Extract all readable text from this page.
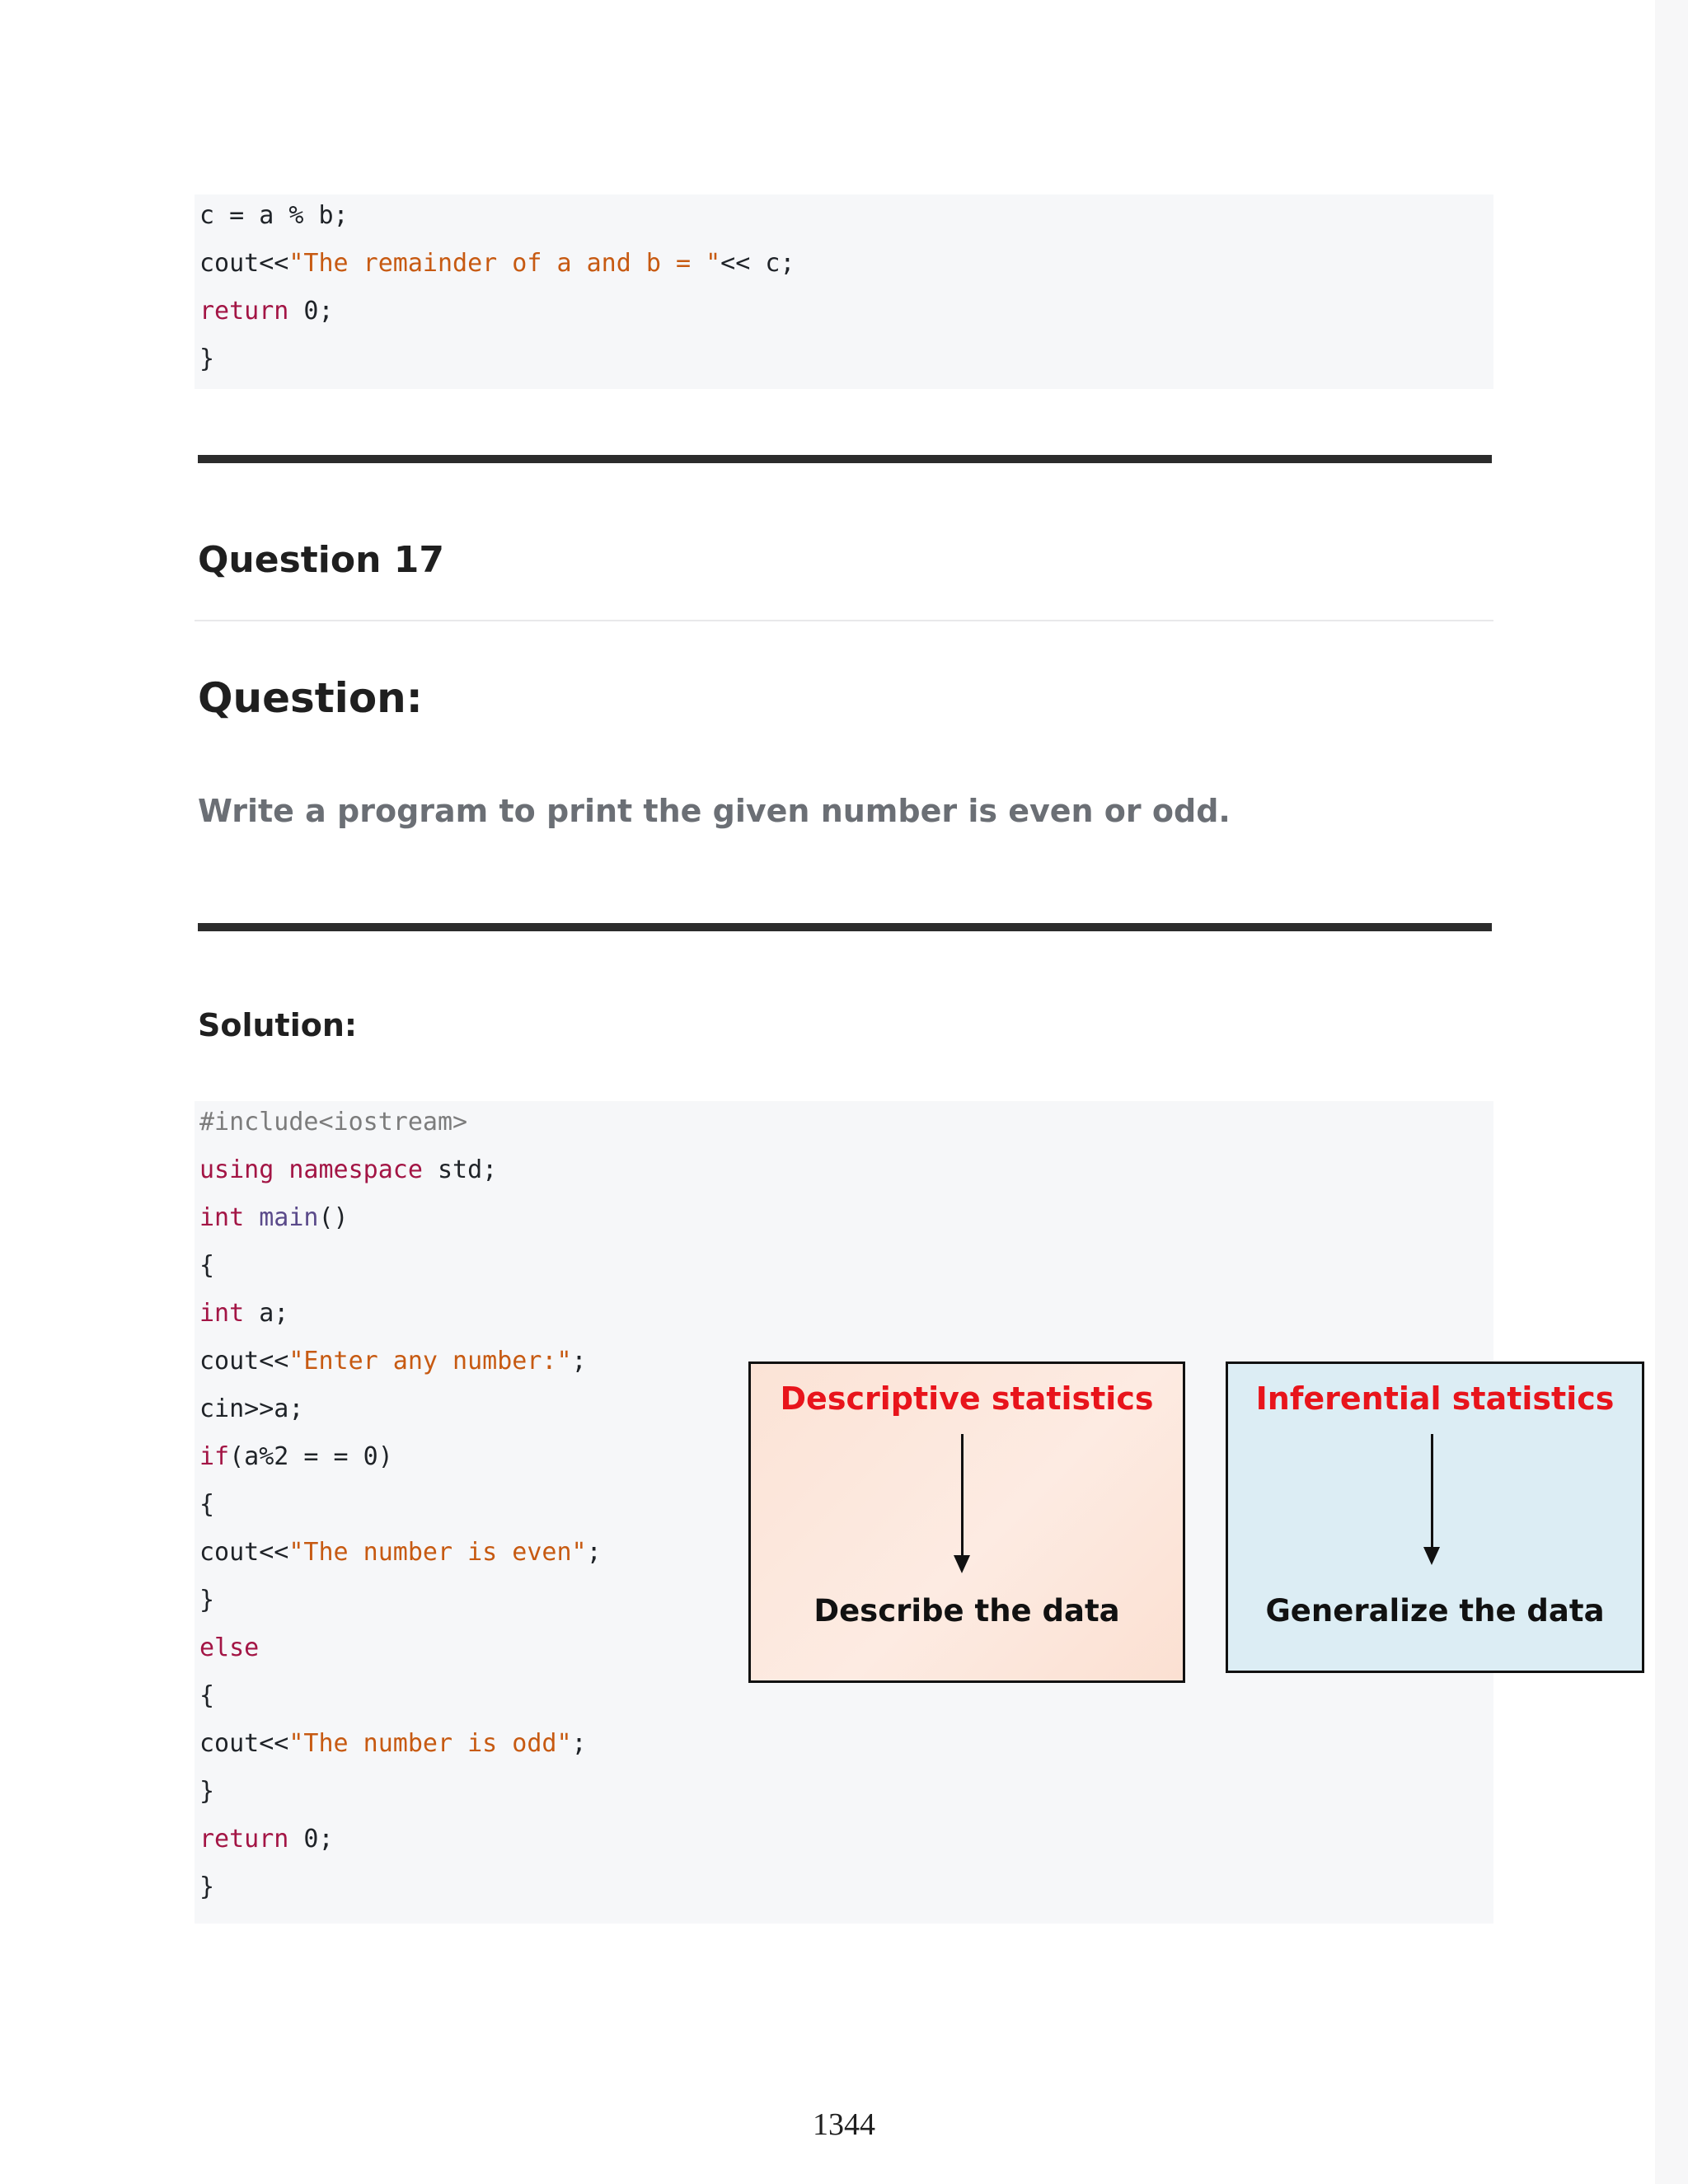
c = a % b;
cout<<"The remainder of a and b = "<< c;
return 0;
}
Question 17
Question:
Write a program to print the given number is even or odd.
Solution:
#include<iostream>
using namespace std;
int main()
{
int a;
cout<<"Enter any number:";
cin>>a;
if(a%2 = = 0)
{
cout<<"The number is even";
}
else
{
cout<<"The number is odd";
}
return 0;
}
Descriptive statistics
Describe the data
Inferential statistics
Generalize the data
1344
